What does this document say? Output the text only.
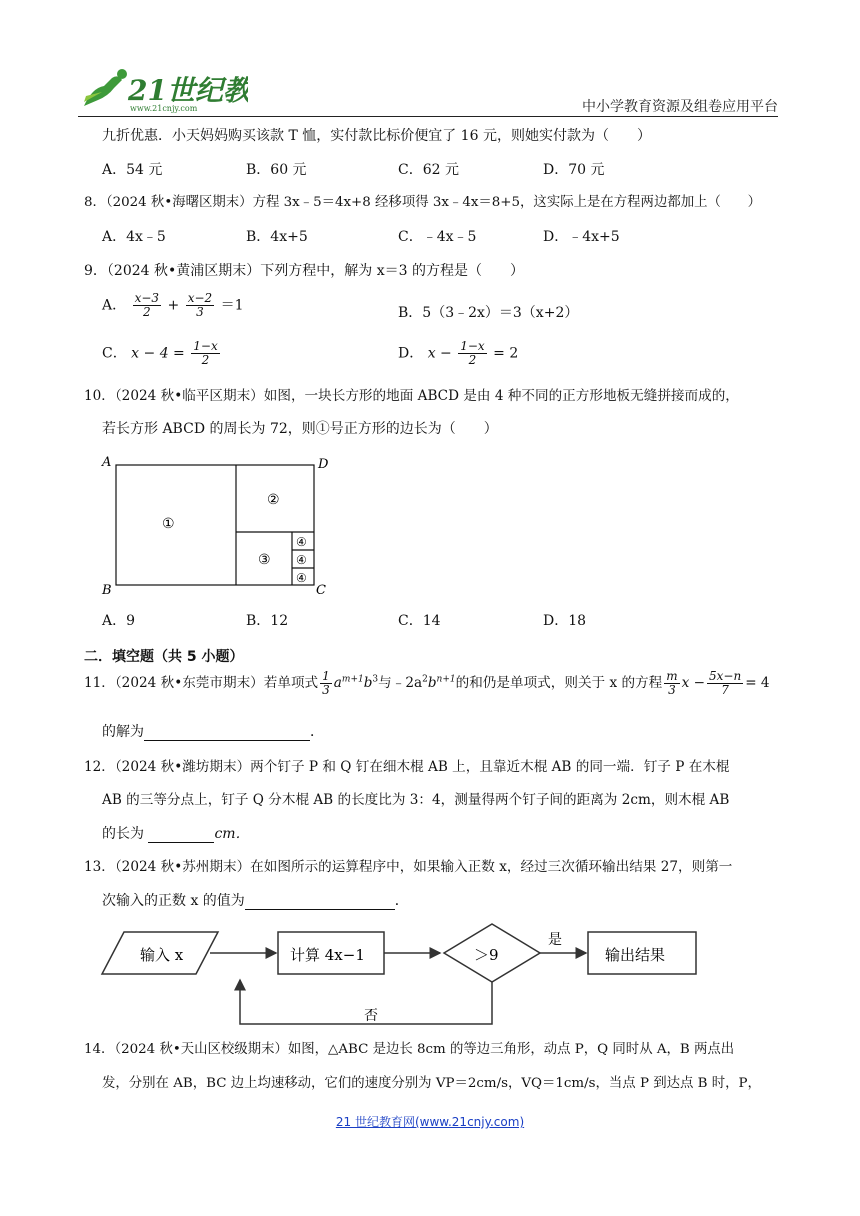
21世纪
www.21cnjy.com	中小学教育资源及组卷应用平台
九折优惠．小天妈妈购买该款 T 恤，实付款比标价便宜了 16 元，则她实付款为（　　）
A．54 元	B．60 元	C．62 元	D．70 元
8．（2024 秋•海曙区期末）方程 3x﹣5＝4x+8 经移项得 3x﹣4x＝8+5，这实际上是在方程两边都加上（　　）
A．4x﹣5	B．4x+5	C．﹣4x﹣5	D．﹣4x+5
9．（2024 秋•黄浦区期末）下列方程中，解为 x＝3 的方程是（　　）
A． $\frac{x-3}{2} + \frac{x-2}{3} =1$	B．5（3﹣2x）＝3（x+2）
C． $x - 4 = \frac{1-x}{2}$	D． $x - \frac{1-x}{2} = 2$
10．（2024 秋•临平区期末）如图，一块长方形的地面 ABCD 是由 4 种不同的正方形地板无缝拼接而成的，
若长方形 ABCD 的周长为 72，则①号正方形的边长为（　　）
A	D
B	C
①
②
③
④
④
④
A．9	B．12	C．14	D．18
二．填空题（共 5 小题）
11．（2024 秋•东莞市期末）若单项式 $\frac{1}{3} a^{m+1}b^3$与$﹣2a^2b^{n+1}$的和仍是单项式，则关于 x 的方程 $\frac{m}{3}$ $x - \frac{5x-n}{7} = 4$
的解为	．
12．（2024 秋•潍坊期末）两个钉子 P 和 Q 钉在细木棍 AB 上，且靠近木棍 AB 的同一端．钉子 P 在木棍
AB 的三等分点上，钉子 Q 分木棍 AB 的长度比为 3：4，测量得两个钉子间的距离为 2cm，则木棍 AB
的长为	cm．
13．（2024 秋•苏州期末）在如图所示的运算程序中，如果输入正数 x，经过三次循环输出结果 27，则第一
次输入的正数 x 的值为	．
输入 x	计算 4x−1	＞9
是
输出结果
否
14．（2024 秋•天山区校级期末）如图，△ABC 是边长 8cm 的等边三角形，动点 P，Q 同时从 A，B 两点出
发，分别在 AB，BC 边上均速移动，它们的速度分别为 VP＝2cm/s，VQ＝1cm/s，当点 P 到达点 B 时，P，
21 世纪教育网(www.21cnjy.com)
